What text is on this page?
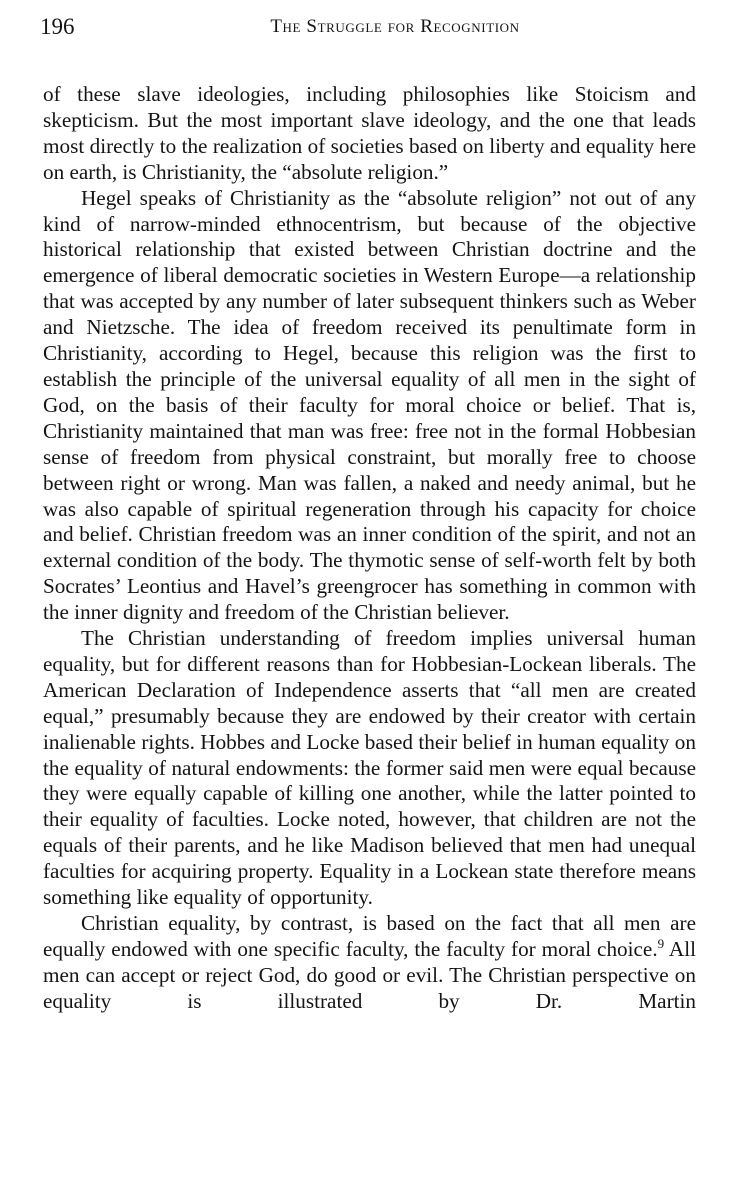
196	The Struggle for Recognition

of these slave ideologies, including philosophies like Stoicism and skepticism. But the most important slave ideology, and the one that leads most directly to the realization of societies based on liberty and equality here on earth, is Christianity, the “absolute religion.”

Hegel speaks of Christianity as the “absolute religion” not out of any kind of narrow-minded ethnocentrism, but because of the objective historical relationship that existed between Christian doctrine and the emergence of liberal democratic societies in Western Europe—a relationship that was accepted by any number of later subsequent thinkers such as Weber and Nietzsche. The idea of freedom received its penultimate form in Christianity, according to Hegel, because this religion was the first to establish the principle of the universal equality of all men in the sight of God, on the basis of their faculty for moral choice or belief. That is, Christianity maintained that man was free: free not in the formal Hobbesian sense of freedom from physical constraint, but morally free to choose between right or wrong. Man was fallen, a naked and needy animal, but he was also capable of spiritual regeneration through his capacity for choice and belief. Christian freedom was an inner condition of the spirit, and not an external condition of the body. The thymotic sense of self-worth felt by both Socrates’ Leontius and Havel’s greengrocer has something in common with the inner dignity and freedom of the Christian believer.

The Christian understanding of freedom implies universal human equality, but for different reasons than for Hobbesian-Lockean liberals. The American Declaration of Independence asserts that “all men are created equal,” presumably because they are endowed by their creator with certain inalienable rights. Hobbes and Locke based their belief in human equality on the equality of natural endowments: the former said men were equal because they were equally capable of killing one another, while the latter pointed to their equality of faculties. Locke noted, however, that children are not the equals of their parents, and he like Madison believed that men had unequal faculties for acquiring property. Equality in a Lockean state therefore means something like equality of opportunity.

Christian equality, by contrast, is based on the fact that all men are equally endowed with one specific faculty, the faculty for moral choice.$^9$ All men can accept or reject God, do good or evil. The Christian perspective on equality is illustrated by Dr. Martin
